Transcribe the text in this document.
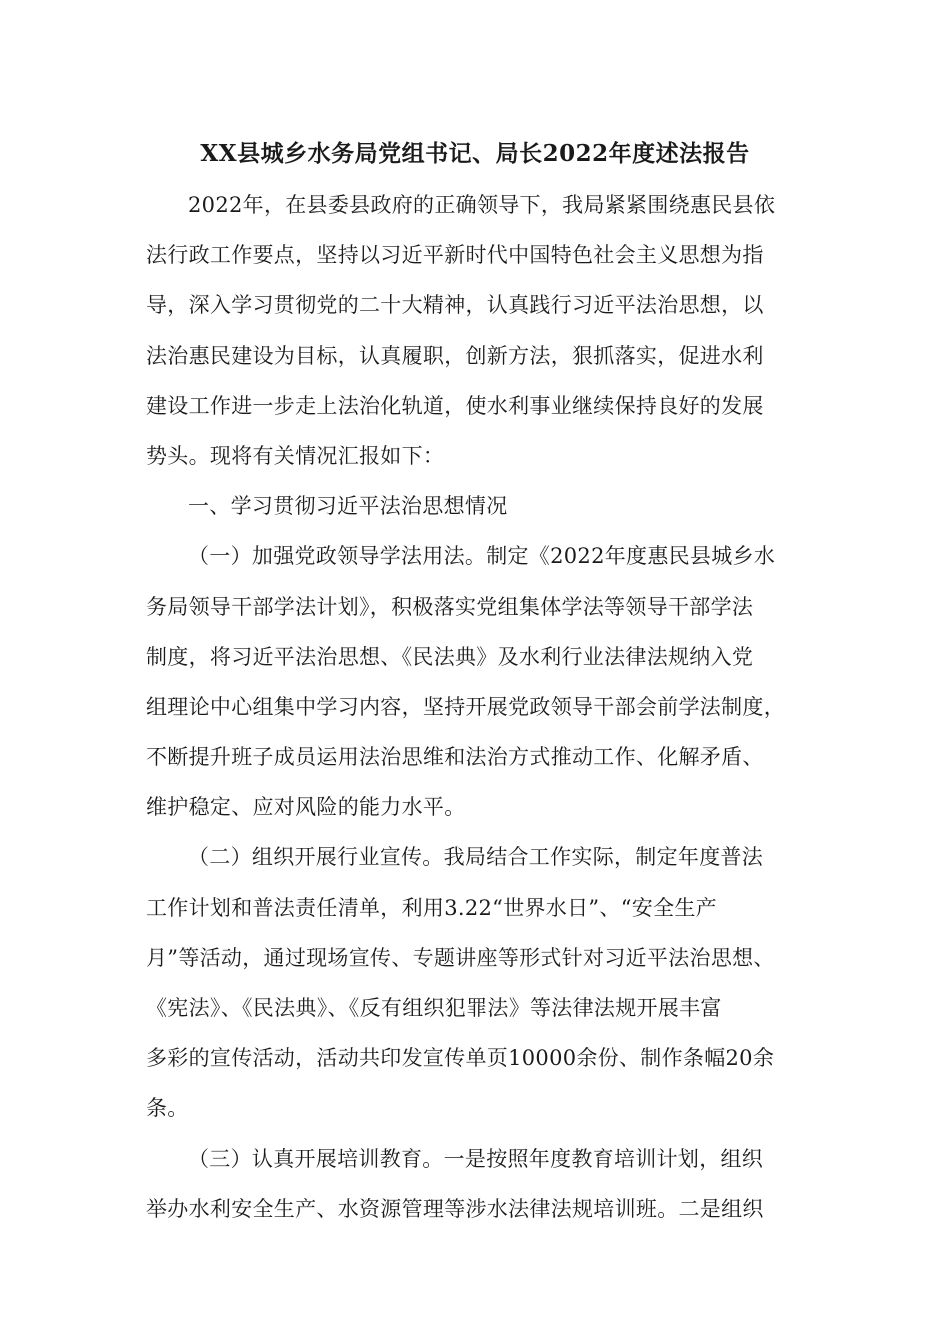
XX县城乡水务局党组书记、局长2022年度述法报告
2022年，在县委县政府的正确领导下，我局紧紧围绕惠民县依
法行政工作要点，坚持以习近平新时代中国特色社会主义思想为指
导，深入学习贯彻党的二十大精神，认真践行习近平法治思想，以
法治惠民建设为目标，认真履职，创新方法，狠抓落实，促进水利
建设工作进一步走上法治化轨道，使水利事业继续保持良好的发展
势头。现将有关情况汇报如下：
一、学习贯彻习近平法治思想情况
（一）加强党政领导学法用法。制定《2022年度惠民县城乡水
务局领导干部学法计划》，积极落实党组集体学法等领导干部学法
制度，将习近平法治思想、《民法典》及水利行业法律法规纳入党
组理论中心组集中学习内容，坚持开展党政领导干部会前学法制度，
不断提升班子成员运用法治思维和法治方式推动工作、化解矛盾、
维护稳定、应对风险的能力水平。
（二）组织开展行业宣传。我局结合工作实际，制定年度普法
工作计划和普法责任清单，利用3.22“世界水日”、“安全生产
月”等活动，通过现场宣传、专题讲座等形式针对习近平法治思想、
《宪法》、《民法典》、《反有组织犯罪法》等法律法规开展丰富
多彩的宣传活动，活动共印发宣传单页10000余份、制作条幅20余
条。
（三）认真开展培训教育。一是按照年度教育培训计划，组织
举办水利安全生产、水资源管理等涉水法律法规培训班。二是组织
